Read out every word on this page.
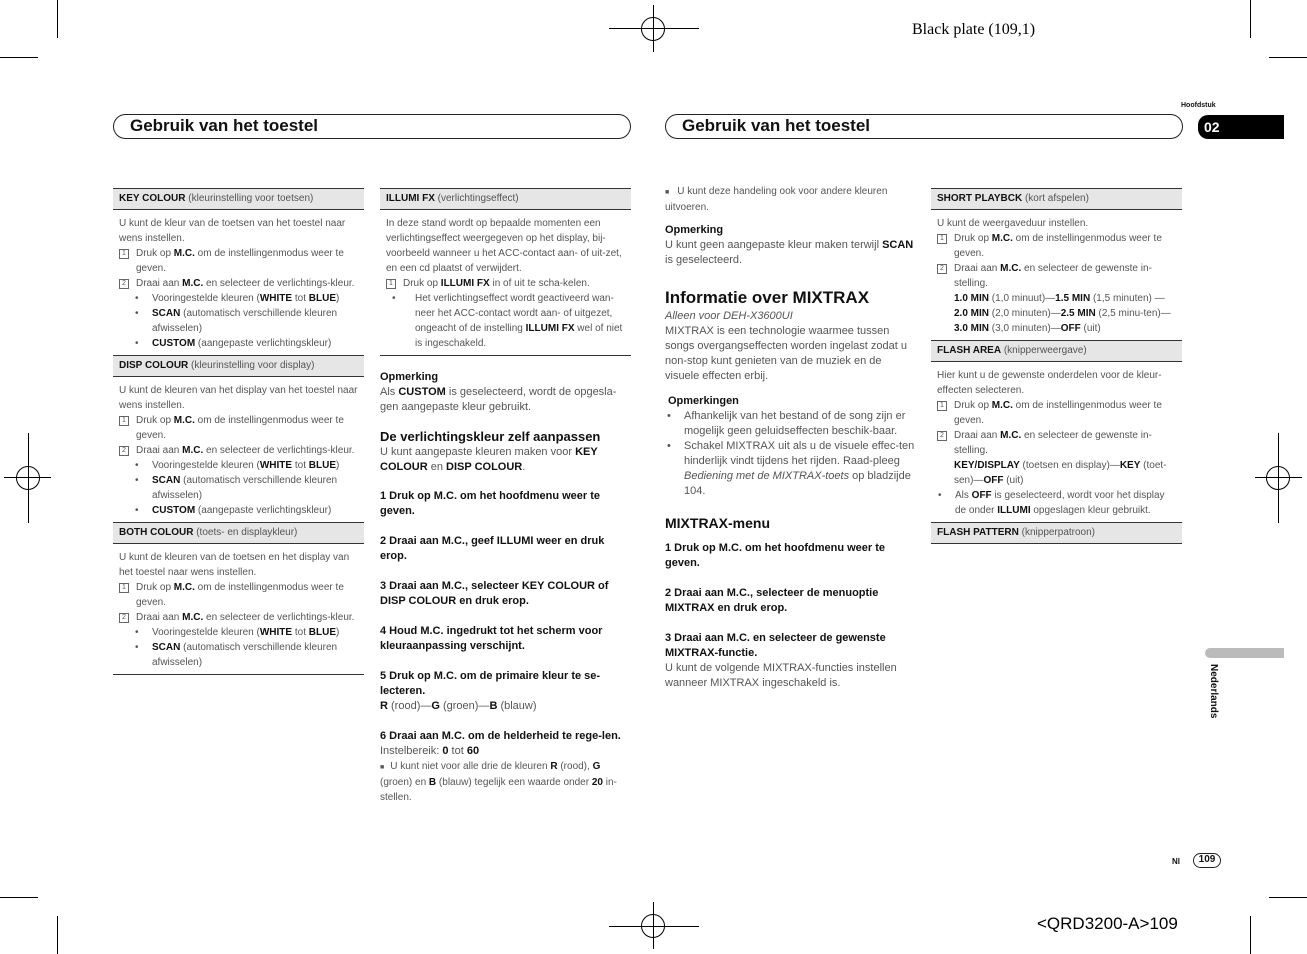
Black plate (109,1)
<QRD3200-A>109
Hoofdstuk
02
Nederlands
Nl	109
Gebruik van het toestel	Gebruik van het toestel
KEY COLOUR (kleurinstelling voor toetsen)
U kunt de kleur van de toetsen van het toestel naar wens instellen.
1	Druk op M.C. om de instellingenmodus weer te geven.
2	Draai aan M.C. en selecteer de verlichtings-kleur.
•	Vooringestelde kleuren (WHITE tot BLUE)
•	SCAN (automatisch verschillende kleuren afwisselen)
•	CUSTOM (aangepaste verlichtingskleur)
DISP COLOUR (kleurinstelling voor display)
U kunt de kleuren van het display van het toestel naar wens instellen.
1	Druk op M.C. om de instellingenmodus weer te geven.
2	Draai aan M.C. en selecteer de verlichtings-kleur.
•	Vooringestelde kleuren (WHITE tot BLUE)
•	SCAN (automatisch verschillende kleuren afwisselen)
•	CUSTOM (aangepaste verlichtingskleur)
BOTH COLOUR (toets- en displaykleur)
U kunt de kleuren van de toetsen en het display van het toestel naar wens instellen.
1	Druk op M.C. om de instellingenmodus weer te geven.
2	Draai aan M.C. en selecteer de verlichtings-kleur.
•	Vooringestelde kleuren (WHITE tot BLUE)
•	SCAN (automatisch verschillende kleuren afwisselen)
ILLUMI FX (verlichtingseffect)
In deze stand wordt op bepaalde momenten een verlichtingseffect weergegeven op het display, bij-voorbeeld wanneer u het ACC-contact aan- of uit-zet, en een cd plaatst of verwijdert.
1	Druk op ILLUMI FX in of uit te scha-kelen.
•	Het verlichtingseffect wordt geactiveerd wan-neer het ACC-contact wordt aan- of uitgezet, ongeacht of de instelling ILLUMI FX wel of niet is ingeschakeld.
Opmerking
Als CUSTOM is geselecteerd, wordt de opgesla-gen aangepaste kleur gebruikt.
De verlichtingskleur zelf aanpassen
U kunt aangepaste kleuren maken voor KEY COLOUR en DISP COLOUR.
1 Druk op M.C. om het hoofdmenu weer te geven.
2 Draai aan M.C., geef ILLUMI weer en druk erop.
3 Draai aan M.C., selecteer KEY COLOUR of DISP COLOUR en druk erop.
4 Houd M.C. ingedrukt tot het scherm voor kleuraanpassing verschijnt.
5 Druk op M.C. om de primaire kleur te se-lecteren.
R (rood)—G (groen)—B (blauw)
6 Draai aan M.C. om de helderheid te rege-len.
Instelbereik: 0 tot 60
■ U kunt niet voor alle drie de kleuren R (rood), G (groen) en B (blauw) tegelijk een waarde onder 20 in-stellen.
■ U kunt deze handeling ook voor andere kleuren uitvoeren.
Opmerking
U kunt geen aangepaste kleur maken terwijl SCAN is geselecteerd.
Informatie over MIXTRAX
Alleen voor DEH-X3600UI
MIXTRAX is een technologie waarmee tussen songs overgangseffecten worden ingelast zodat u non-stop kunt genieten van de muziek en de visuele effecten erbij.
Opmerkingen
•	Afhankelijk van het bestand of de song zijn er mogelijk geen geluidseffecten beschik-baar.
•	Schakel MIXTRAX uit als u de visuele effec-ten hinderlijk vindt tijdens het rijden. Raad-pleeg Bediening met de MIXTRAX-toets op bladzijde 104.
MIXTRAX-menu
1 Druk op M.C. om het hoofdmenu weer te geven.
2 Draai aan M.C., selecteer de menuoptie MIXTRAX en druk erop.
3 Draai aan M.C. en selecteer de gewenste MIXTRAX-functie.
U kunt de volgende MIXTRAX-functies instellen wanneer MIXTRAX ingeschakeld is.
SHORT PLAYBCK (kort afspelen)
U kunt de weergaveduur instellen.
1	Druk op M.C. om de instellingenmodus weer te geven.
2	Draai aan M.C. en selecteer de gewenste in-stelling.
1.0 MIN (1,0 minuut)—1.5 MIN (1,5 minuten) —2.0 MIN (2,0 minuten)—2.5 MIN (2,5 minu-ten)—3.0 MIN (3,0 minuten)—OFF (uit)
FLASH AREA (knipperweergave)
Hier kunt u de gewenste onderdelen voor de kleur-effecten selecteren.
1	Druk op M.C. om de instellingenmodus weer te geven.
2	Draai aan M.C. en selecteer de gewenste in-stelling.
KEY/DISPLAY (toetsen en display)—KEY (toet-sen)—OFF (uit)
•	Als OFF is geselecteerd, wordt voor het display de onder ILLUMI opgeslagen kleur gebruikt.
FLASH PATTERN (knipperpatroon)
